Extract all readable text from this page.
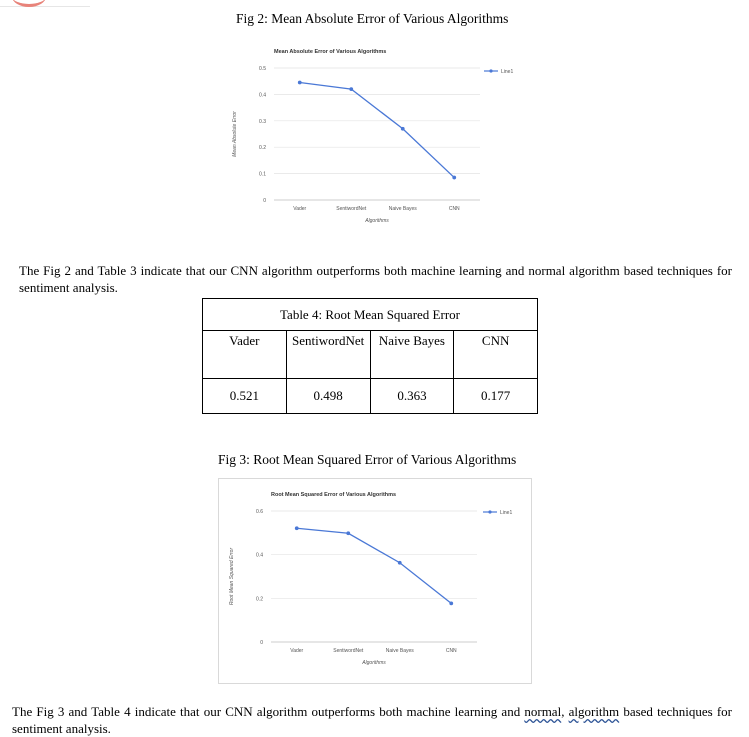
Fig 2: Mean Absolute Error of Various Algorithms
Mean Absolute Error of Various Algorithms
0
0.1
0.2
0.3
0.4
0.5
Vader	SentiwordNet	Naive Bayes	CNN
Algorithms
Mean Absolute Error
Line1

The Fig 2 and Table 3 indicate that our CNN algorithm outperforms both machine learning and normal algorithm based techniques for sentiment analysis.

Table 4: Root Mean Squared Error			
Vader	SentiwordNet	Naive Bayes	CNN
0.521	0.498	0.363	0.177
Fig 3: Root Mean Squared Error of Various Algorithms
Root Mean Squared Error of Various Algorithms
0
0.2
0.4
0.6
Vader	SentiwordNet	Naive Bayes	CNN
Algorithms
Root Mean Squared Error
Line1

The Fig 3 and Table 4 indicate that our CNN algorithm outperforms both machine learning and normal, algorithm based techniques for sentiment analysis.
